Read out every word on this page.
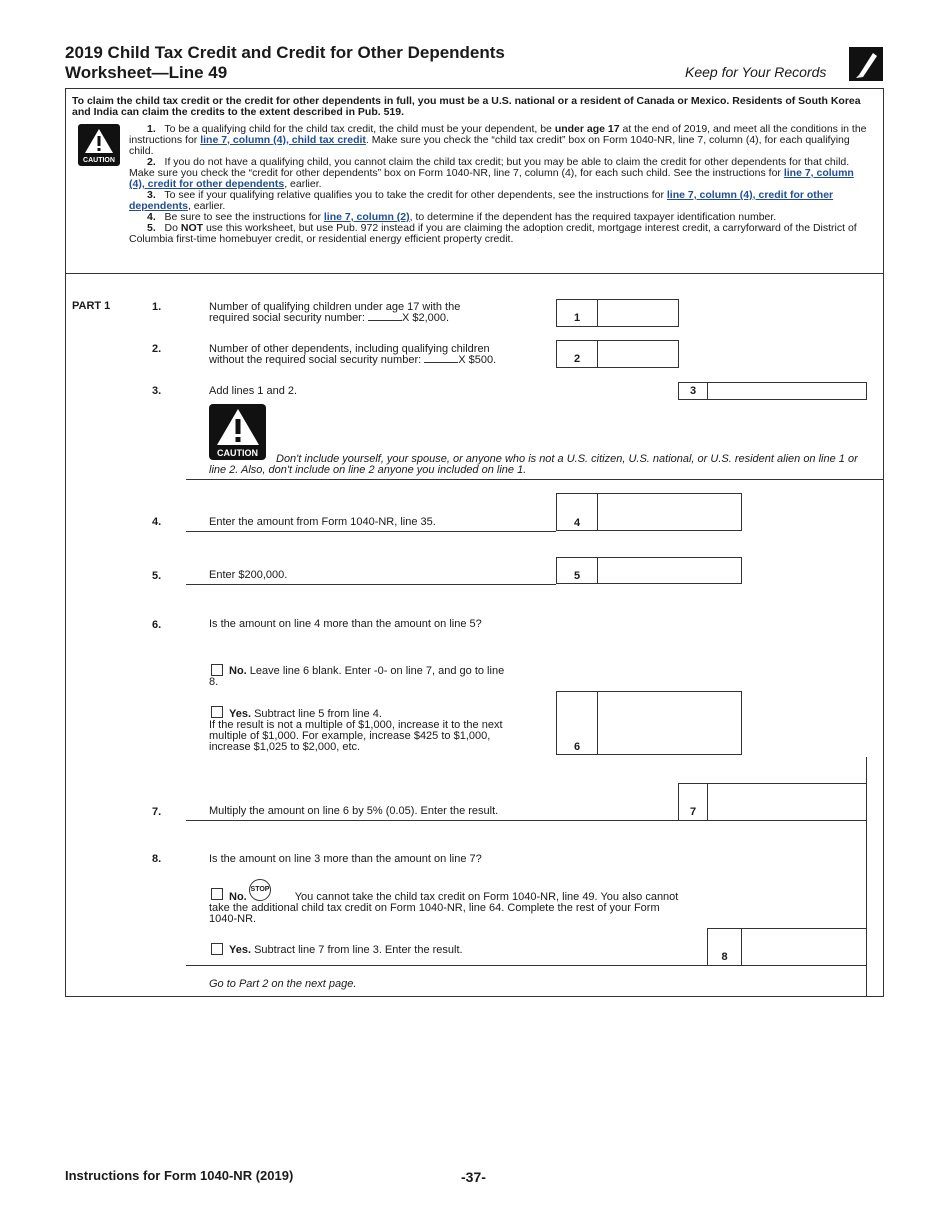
2019 Child Tax Credit and Credit for Other Dependents
Worksheet—Line 49	Keep for Your Records
To claim the child tax credit or the credit for other dependents in full, you must be a U.S. national or a resident of Canada or Mexico. Residents of South Korea and India can claim the credits to the extent described in Pub. 519.
CAUTION

1. To be a qualifying child for the child tax credit, the child must be your dependent, be under age 17 at the end of 2019, and meet all the conditions in the instructions for line 7, column (4), child tax credit. Make sure you check the “child tax credit” box on Form 1040-NR, line 7, column (4), for each qualifying child.

2. If you do not have a qualifying child, you cannot claim the child tax credit; but you may be able to claim the credit for other dependents for that child. Make sure you check the “credit for other dependents” box on Form 1040-NR, line 7, column (4), for each such child. See the instructions for line 7, column (4), credit for other dependents, earlier.

3. To see if your qualifying relative qualifies you to take the credit for other dependents, see the instructions for line 7, column (4), credit for other dependents, earlier.

4. Be sure to see the instructions for line 7, column (2), to determine if the dependent has the required taxpayer identification number.

5. Do NOT use this worksheet, but use Pub. 972 instead if you are claiming the adoption credit, mortgage interest credit, a carryforward of the District of Columbia first-time homebuyer credit, or residential energy efficient property credit.

PART 1	1.	Number of qualifying children under age 17 with the
required social security number:	X $2,000.	1
2.	Number of other dependents, including qualifying children
without the required social security number:	X $500.	2
3.	Add lines 1 and 2.	3
CAUTION	Don't include yourself, your spouse, or anyone who is not a U.S. citizen, U.S. national, or U.S. resident alien on line 1 or line 2. Also, don't include on line 2 anyone you included on line 1.
4.	Enter the amount from Form 1040-NR, line 35.	4
5.	Enter $200,000.	5
6.	Is the amount on line 4 more than the amount on line 5?
No. Leave line 6 blank. Enter -0- on line 7, and go to line 8.
Yes. Subtract line 5 from line 4.
If the result is not a multiple of $1,000, increase it to the next multiple of $1,000. For example, increase $425 to $1,000, increase $1,025 to $2,000, etc.	6
7.	Multiply the amount on line 6 by 5% (0.05). Enter the result.	7
8.	Is the amount on line 3 more than the amount on line 7?
STOP
No.	You cannot take the child tax credit on Form 1040-NR, line 49. You also cannot take the additional child tax credit on Form 1040-NR, line 64. Complete the rest of your Form 1040-NR.
Yes. Subtract line 7 from line 3. Enter the result.
8
Go to Part 2 on the next page.
Instructions for Form 1040-NR (2019)	-37-
